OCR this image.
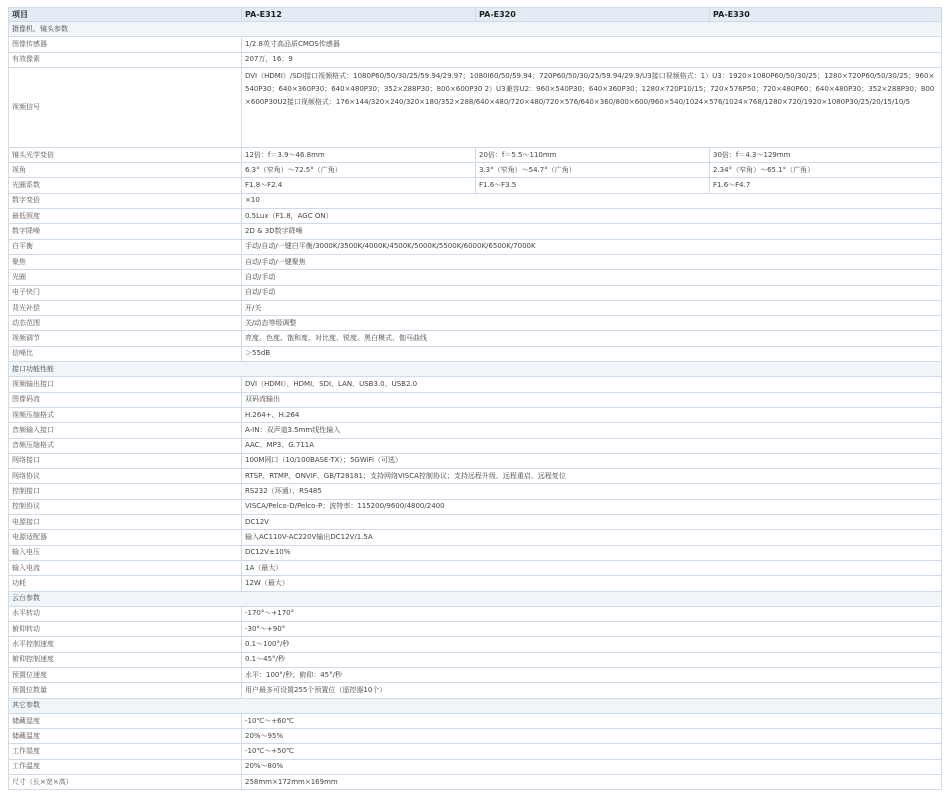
项目	PA-E312	PA-E320	PA-E330
摄像机、镜头参数			
图像传感器	1/2.8英寸高品质CMOS传感器		
有效像素	207万，16：9		
视频信号	DVI（HDMI）/SDI接口视频格式：1080P60/50/30/25/59.94/29.97；1080I60/50/59.94；720P60/50/30/25/59.94/29.9/U3接口视频格式：1）U3：1920×1080P60/50/30/25；1280×720P60/50/30/25；960×540P30；640×360P30；640×480P30；352×288P30；800×600P30 2）U3兼容U2：960×540P30；640×360P30；1280×720P10/15；720×576P50；720×480P60；640×480P30；352×288P30；800×600P30U2接口视频格式：176×144/320×240/320×180/352×288/640×480/720×480/720×576/640×360/800×600/960×540/1024×576/1024×768/1280×720/1920×1080P30/25/20/15/10/5		
镜头光学变倍	12倍：f＝3.9～46.8mm	20倍：f＝5.5～110mm	30倍：f＝4.3～129mm
视角	6.3°（窄角）～72.5°（广角）	3.3°（窄角）～54.7°（广角）	2.34°（窄角）～65.1°（广角）
光圈系数	F1.8～F2.4	F1.6～F3.5	F1.6～F4.7
数字变倍	×10		
最低照度	0.5Lux（F1.8，AGC ON）		
数字降噪	2D & 3D数字降噪		
白平衡	手动/自动/一键白平衡/3000K/3500K/4000K/4500K/5000K/5500K/6000K/6500K/7000K		
聚焦	自动/手动/一键聚焦		
光圈	自动/手动		
电子快门	自动/手动		
背光补偿	开/关		
动态范围	关/动态等级调整		
视频调节	亮度、色度、饱和度、对比度、锐度、黑白模式、伽马曲线		
信噪比	＞55dB		
接口功能性能			
视频输出接口	DVI（HDMI）、HDMI、SDI、LAN、USB3.0、USB2.0		
图像码流	双码流输出		
视频压缩格式	H.264+、H.264		
音频输入接口	A-IN：双声道3.5mm线性输入		
音频压缩格式	AAC、MP3、G.711A		
网络接口	100M网口（10/100BASE-TX）；5GWiFi（可选）		
网络协议	RTSP、RTMP、ONVIF、GB/T28181；支持网络VISCA控制协议；支持远程升级、远程重启、远程复位		
控制接口	RS232（环通）、RS485		
控制协议	VISCA/Pelco-D/Pelco-P；波特率：115200/9600/4800/2400		
电源接口	DC12V		
电源适配器	输入AC110V-AC220V输出DC12V/1.5A		
输入电压	DC12V±10%		
输入电流	1A（最大）		
功耗	12W（最大）		
云台参数			
水平转动	-170°～+170°		
俯仰转动	-30°～+90°		
水平控制速度	0.1～100°/秒		
俯仰控制速度	0.1～45°/秒		
预置位速度	水平：100°/秒；俯仰：45°/秒		
预置位数量	用户最多可设置255个预置位（遥控器10个）		
其它参数			
储藏湿度	-10℃～+60℃		
储藏温度	20%～95%		
工作湿度	-10℃～+50℃		
工作温度	20%～80%		
尺寸（长×宽×高）	258mm×172mm×169mm		
